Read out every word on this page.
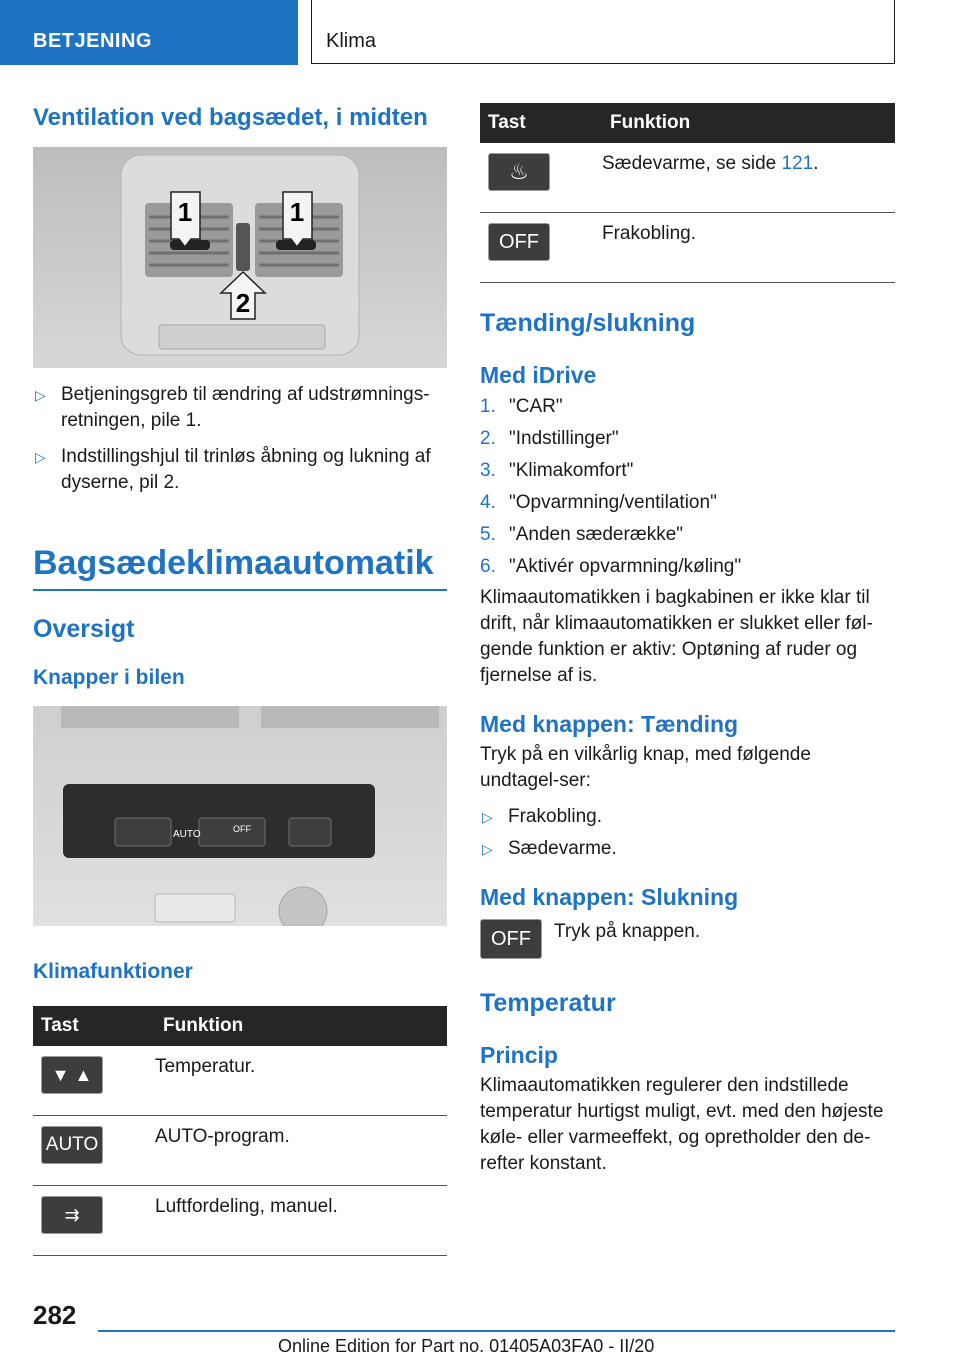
BETJENING	Klima
Ventilation ved bagsædet, i midten
1	1
2
▷ Betjeningsgreb til ændring af udstrømnings-retningen, pile 1.
▷ Indstillingshjul til trinløs åbning og lukning af dyserne, pil 2.
Bagsædeklimaautomatik
Oversigt
Knapper i bilen
AUTO	OFF
Klimafunktioner
Tast	Funktion

▼ ▲	Temperatur.

AUTO	AUTO-program.

⇉	Luftfordeling, manuel.
Tast	Funktion

♨	Sædevarme, se side 121.

OFF	Frakobling.
Tænding/slukning
Med iDrive
1. "CAR"
2. "Indstillinger"
3. "Klimakomfort"
4. "Opvarmning/ventilation"
5. "Anden sæderække"
6. "Aktivér opvarmning/køling"

Klimaautomatikken i bagkabinen er ikke klar til drift, når klimaautomatikken er slukket eller føl-gende funktion er aktiv: Optøning af ruder og fjernelse af is.

Med knappen: Tænding

Tryk på en vilkårlig knap, med følgende undtagel-ser:

▷ Frakobling.
▷ Sædevarme.
Med knappen: Slukning
OFF	Tryk på knappen.

Temperatur
Princip

Klimaautomatikken regulerer den indstillede temperatur hurtigst muligt, evt. med den højeste køle- eller varmeeffekt, og opretholder den de-refter konstant.

282
Online Edition for Part no. 01405A03FA0 - II/20
